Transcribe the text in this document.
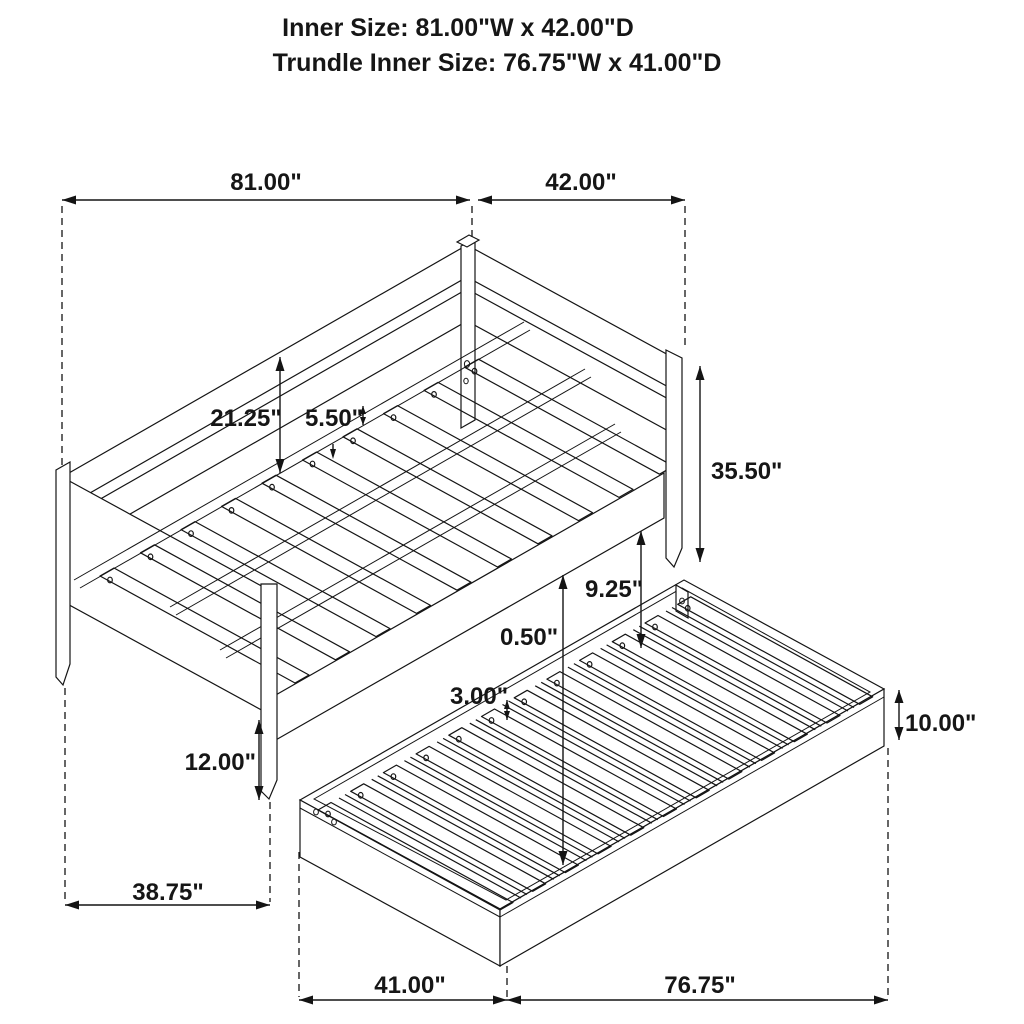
Inner Size: 81.00"W x 42.00"D
Trundle Inner Size: 76.75"W x 41.00"D
81.00"	42.00"
21.25" 5.50"
35.50"
9.25"
0.50"
3.00"
12.00"
10.00"
38.75"
41.00"	76.75"
